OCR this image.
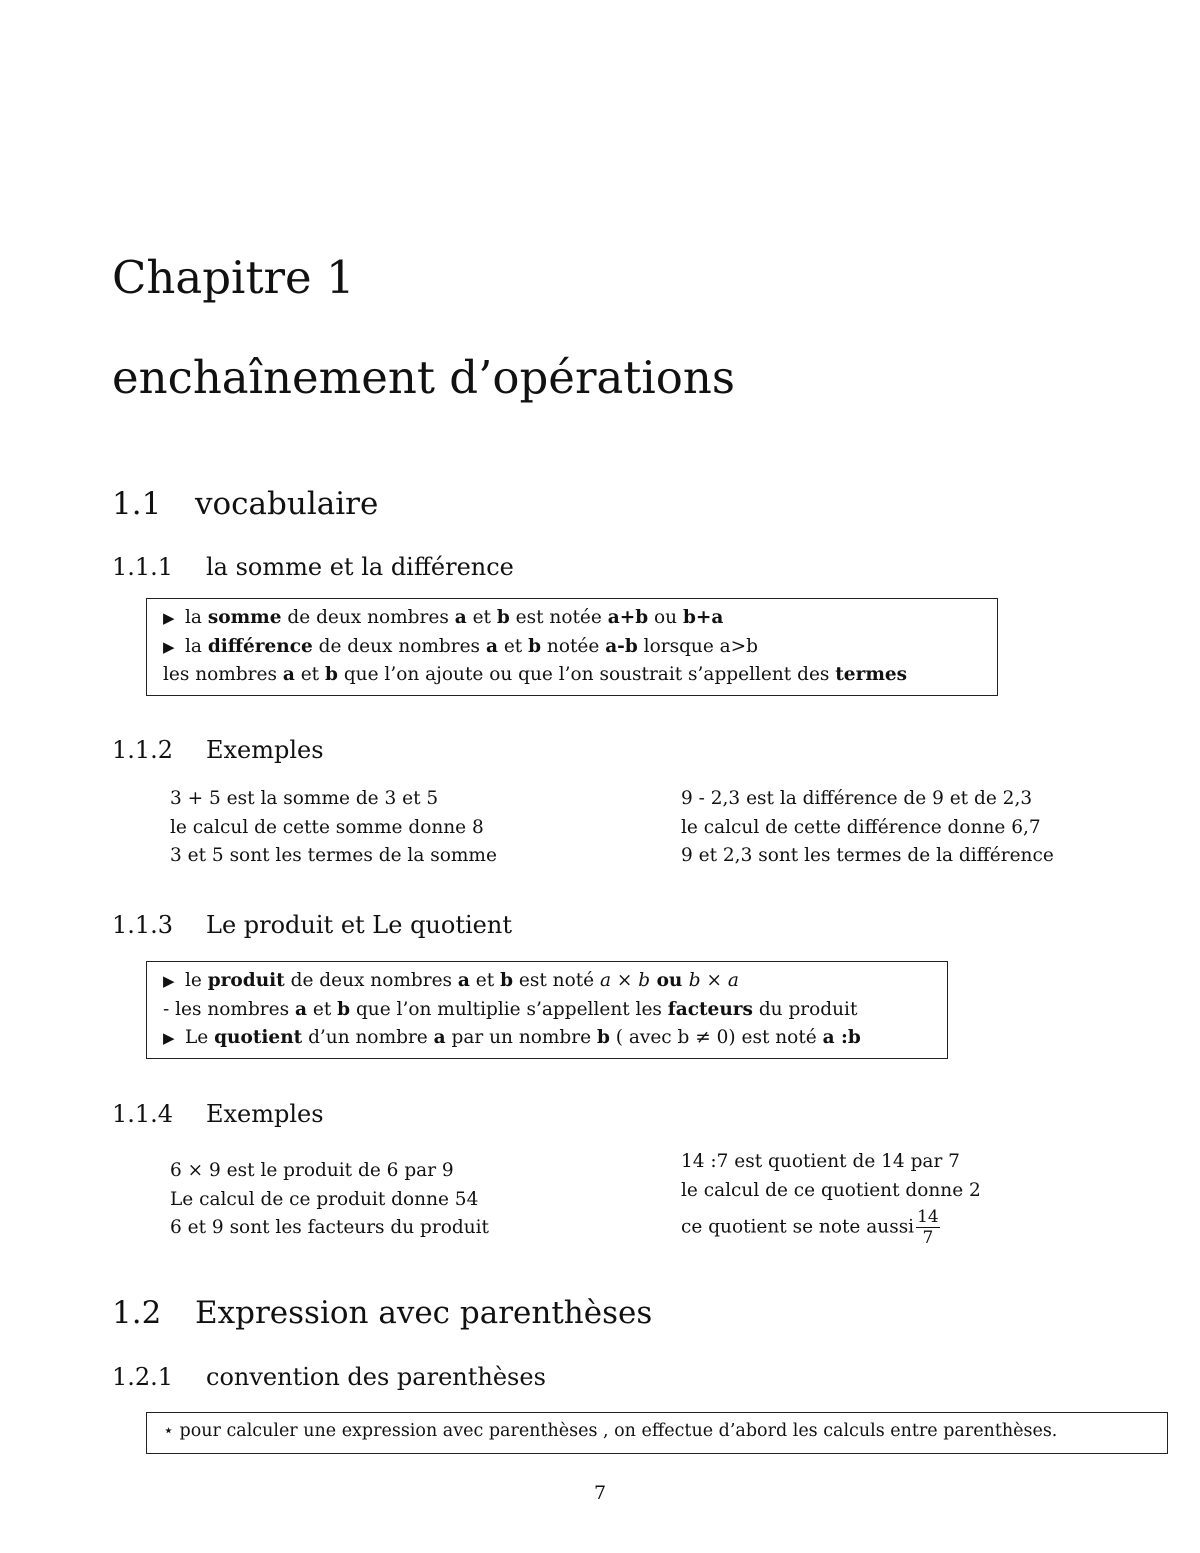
Chapitre 1
enchaînement d’opérations
1.1 vocabulaire
1.1.1 la somme et la différence
▶ la somme de deux nombres a et b est notée a+b ou b+a
▶ la différence de deux nombres a et b notée a-b lorsque a>b
les nombres a et b que l’on ajoute ou que l’on soustrait s’appellent des termes
1.1.2 Exemples
3 + 5 est la somme de 3 et 5
le calcul de cette somme donne 8
3 et 5 sont les termes de la somme
9 - 2,3 est la différence de 9 et de 2,3
le calcul de cette différence donne 6,7
9 et 2,3 sont les termes de la différence
1.1.3 Le produit et Le quotient
▶ le produit de deux nombres a et b est noté a × b ou b × a
- les nombres a et b que l’on multiplie s’appellent les facteurs du produit
▶ Le quotient d’un nombre a par un nombre b ( avec b ≠ 0) est noté a :b
1.1.4 Exemples
6 × 9 est le produit de 6 par 9
Le calcul de ce produit donne 54
6 et 9 sont les facteurs du produit
14 :7 est quotient de 14 par 7
le calcul de ce quotient donne 2
ce quotient se note aussi $\frac{14}{7}$
1.2 Expression avec parenthèses
1.2.1 convention des parenthèses
⋆ pour calculer une expression avec parenthèses , on effectue d’abord les calculs entre parenthèses.
7
